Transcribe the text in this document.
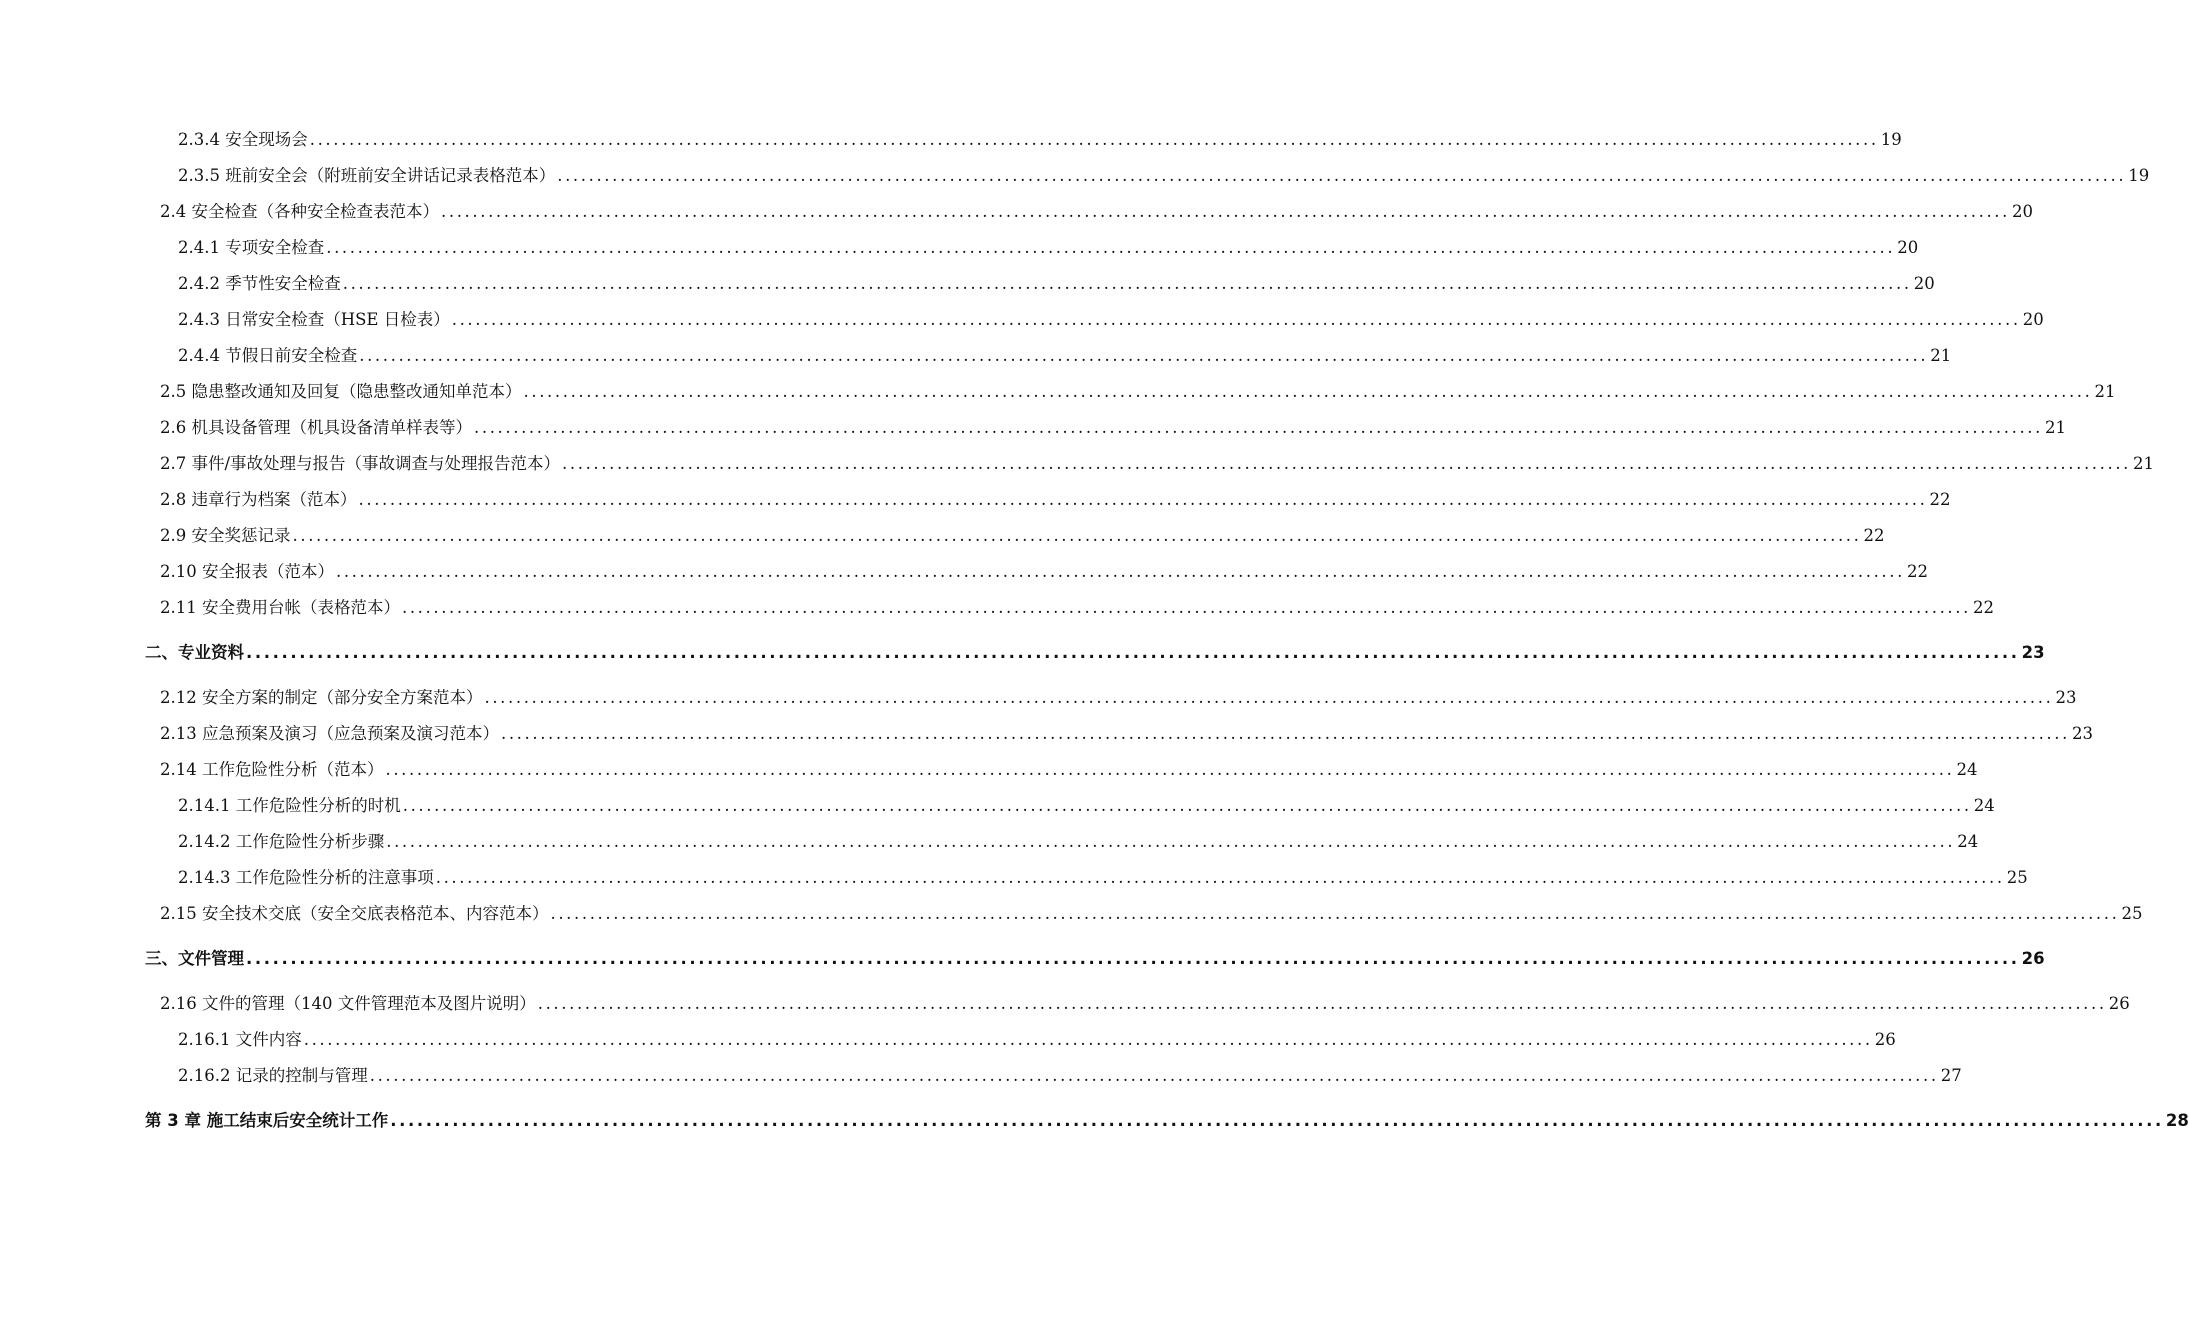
2.3.4 安全现场会 ........................................................................................................................................................................................................ 19
2.3.5 班前安全会（附班前安全讲话记录表格范本） ........................................................................................................................................................................................................ 19
2.4 安全检查（各种安全检查表范本） ........................................................................................................................................................................................................ 20
2.4.1 专项安全检查 ........................................................................................................................................................................................................ 20
2.4.2 季节性安全检查 ........................................................................................................................................................................................................ 20
2.4.3 日常安全检查（HSE 日检表） ........................................................................................................................................................................................................ 20
2.4.4 节假日前安全检查 ........................................................................................................................................................................................................ 21
2.5 隐患整改通知及回复（隐患整改通知单范本） ........................................................................................................................................................................................................ 21
2.6 机具设备管理（机具设备清单样表等） ........................................................................................................................................................................................................ 21
2.7 事件/事故处理与报告（事故调查与处理报告范本） ........................................................................................................................................................................................................ 21
2.8 违章行为档案（范本） ........................................................................................................................................................................................................ 22
2.9 安全奖惩记录 ........................................................................................................................................................................................................ 22
2.10 安全报表（范本） ........................................................................................................................................................................................................ 22
2.11 安全费用台帐（表格范本） ........................................................................................................................................................................................................ 22
二、专业资料 ........................................................................................................................................................................................................ 23
2.12 安全方案的制定（部分安全方案范本） ........................................................................................................................................................................................................ 23
2.13 应急预案及演习（应急预案及演习范本） ........................................................................................................................................................................................................ 23
2.14 工作危险性分析（范本） ........................................................................................................................................................................................................ 24
2.14.1 工作危险性分析的时机 ........................................................................................................................................................................................................ 24
2.14.2 工作危险性分析步骤 ........................................................................................................................................................................................................ 24
2.14.3 工作危险性分析的注意事项 ........................................................................................................................................................................................................ 25
2.15 安全技术交底（安全交底表格范本、内容范本） ........................................................................................................................................................................................................ 25
三、文件管理 ........................................................................................................................................................................................................ 26
2.16 文件的管理（140 文件管理范本及图片说明） ........................................................................................................................................................................................................ 26
2.16.1 文件内容 ........................................................................................................................................................................................................ 26
2.16.2 记录的控制与管理 ........................................................................................................................................................................................................ 27
第 3 章 施工结束后安全统计工作 ........................................................................................................................................................................................................ 28
